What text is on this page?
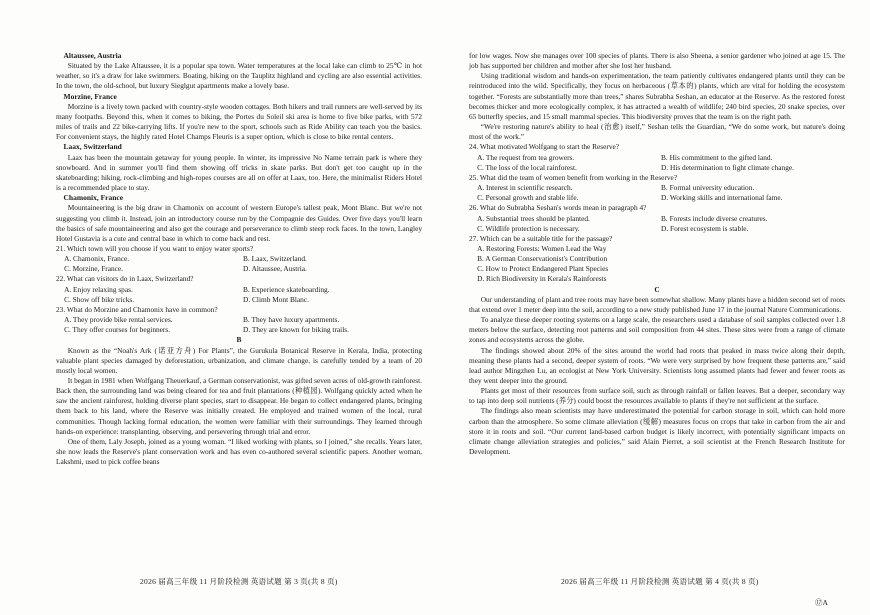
Altaussee, Austria

Situated by the Lake Altaussee, it is a popular spa town. Water temperatures at the local lake can climb to 25℃ in hot weather, so it's a draw for lake swimmers. Boating, hiking on the Tauplitz highland and cycling are also essential activities. In the town, the old-school, but luxury Sieglgut apartments make a lovely base.

Morzine, France

Morzine is a lively town packed with country-style wooden cottages. Both hikers and trail runners are well-served by its many footpaths. Beyond this, when it comes to biking, the Portes du Soleil ski area is home to five bike parks, with 572 miles of trails and 22 bike-carrying lifts. If you're new to the sport, schools such as Ride Ability can teach you the basics. For convenient stays, the highly rated Hotel Champs Fleuris is a super option, which is close to bike rental centers.

Laax, Switzerland

Laax has been the mountain getaway for young people. In winter, its impressive No Name terrain park is where they snowboard. And in summer you'll find them showing off tricks in skate parks. But don't get too caught up in the skateboarding; hiking, rock-climbing and high-ropes courses are all on offer at Laax, too. Here, the minimalist Riders Hotel is a recommended place to stay.

Chamonix, France

Mountaineering is the big draw in Chamonix on account of western Europe's tallest peak, Mont Blanc. But we're not suggesting you climb it. Instead, join an introductory course run by the Compagnie des Guides. Over five days you'll learn the basics of safe mountaineering and also get the courage and perseverance to climb steep rock faces. In the town, Langley Hotel Gustavia is a cute and central base in which to come back and rest.

21. Which town will you choose if you want to enjoy water sports?

A. Chamonix, France.	B. Laax, Switzerland.
C. Morzine, France.	D. Altaussee, Austria.

22. What can visitors do in Laax, Switzerland?

A. Enjoy relaxing spas.	B. Experience skateboarding.
C. Show off bike tricks.	D. Climb Mont Blanc.

23. What do Morzine and Chamonix have in common?

A. They provide bike rental services.	B. They have luxury apartments.
C. They offer courses for beginners.	D. They are known for biking trails.

B

Known as the “Noah's Ark (诺亚方舟) For Plants”, the Gurukula Botanical Reserve in Kerala, India, protecting valuable plant species damaged by deforestation, urbanization, and climate change, is carefully tended by a team of 20 mostly local women.

It began in 1981 when Wolfgang Theuerkauf, a German conservationist, was gifted seven acres of old-growth rainforest. Back then, the surrounding land was being cleared for tea and fruit plantations (种植园). Wolfgang quickly acted when he saw the ancient rainforest, holding diverse plant species, start to disappear. He began to collect endangered plants, bringing them back to his land, where the Reserve was initially created. He employed and trained women of the local, rural communities. Though lacking formal education, the women were familiar with their surroundings. They learned through hands-on experience: transplanting, observing, and persevering through trial and error.

One of them, Laly Joseph, joined as a young woman. “I liked working with plants, so I joined,” she recalls. Years later, she now leads the Reserve's plant conservation work and has even co-authored several scientific papers. Another woman, Lakshmi, used to pick coffee beans

2026 届高三年级 11 月阶段检测 英语试题 第 3 页(共 8 页)

for low wages. Now she manages over 100 species of plants. There is also Sheena, a senior gardener who joined at age 15. The job has supported her children and mother after she lost her husband.

Using traditional wisdom and hands-on experimentation, the team patiently cultivates endangered plants until they can be reintroduced into the wild. Specifically, they focus on herbaceous (草本的) plants, which are vital for holding the ecosystem together. “Forests are substantially more than trees,” shares Subrabha Seshan, an educator at the Reserve. As the restored forest becomes thicker and more ecologically complex, it has attracted a wealth of wildlife; 240 bird species, 20 snake species, over 65 butterfly species, and 15 small mammal species. This biodiversity proves that the team is on the right path.

“We're restoring nature's ability to heal (治愈) itself,” Seshan tells the Guardian, “We do some work, but nature's doing most of the work.”

24. What motivated Wolfgang to start the Reserve?

A. The request from tea growers.	B. His commitment to the gifted land.
C. The loss of the local rainforest.	D. His determination to fight climate change.

25. What did the team of women benefit from working in the Reserve?

A. Interest in scientific research.	B. Formal university education.
C. Personal growth and stable life.	D. Working skills and international fame.

26. What do Subrabha Seshan's words mean in paragraph 4?

A. Substantial trees should be planted.	B. Forests include diverse creatures.
C. Wildlife protection is necessary.	D. Forest ecosystem is stable.

27. Which can be a suitable title for the passage?

A. Restoring Forests: Women Lead the Way
B. A German Conservationist's Contribution
C. How to Protect Endangered Plant Species
D. Rich Biodiversity in Kerala's Rainforests

C

Our understanding of plant and tree roots may have been somewhat shallow. Many plants have a hidden second set of roots that extend over 1 meter deep into the soil, according to a new study published June 17 in the journal Nature Communications.

To analyze these deeper rooting systems on a large scale, the researchers used a database of soil samples collected over 1.8 meters below the surface, detecting root patterns and soil composition from 44 sites. These sites were from a range of climate zones and ecosystems across the globe.

The findings showed about 20% of the sites around the world had roots that peaked in mass twice along their depth, meaning these plants had a second, deeper system of roots. “We were very surprised by how frequent these patterns are,” said lead author Mingzhen Lu, an ecologist at New York University. Scientists long assumed plants had fewer and fewer roots as they went deeper into the ground.

Plants get most of their resources from surface soil, such as through rainfall or fallen leaves. But a deeper, secondary way to tap into deep soil nutrients (养分) could boost the resources available to plants if they're not sufficient at the surface.

The findings also mean scientists may have underestimated the potential for carbon storage in soil, which can hold more carbon than the atmosphere. So some climate alleviation (缓解) measures focus on crops that take in carbon from the air and store it in roots and soil. “Our current land-based carbon budget is likely incorrect, with potentially significant impacts on climate change alleviation strategies and policies,” said Alain Pierret, a soil scientist at the French Research Institute for Development.

2026 届高三年级 11 月阶段检测 英语试题 第 4 页(共 8 页)
⑰A
